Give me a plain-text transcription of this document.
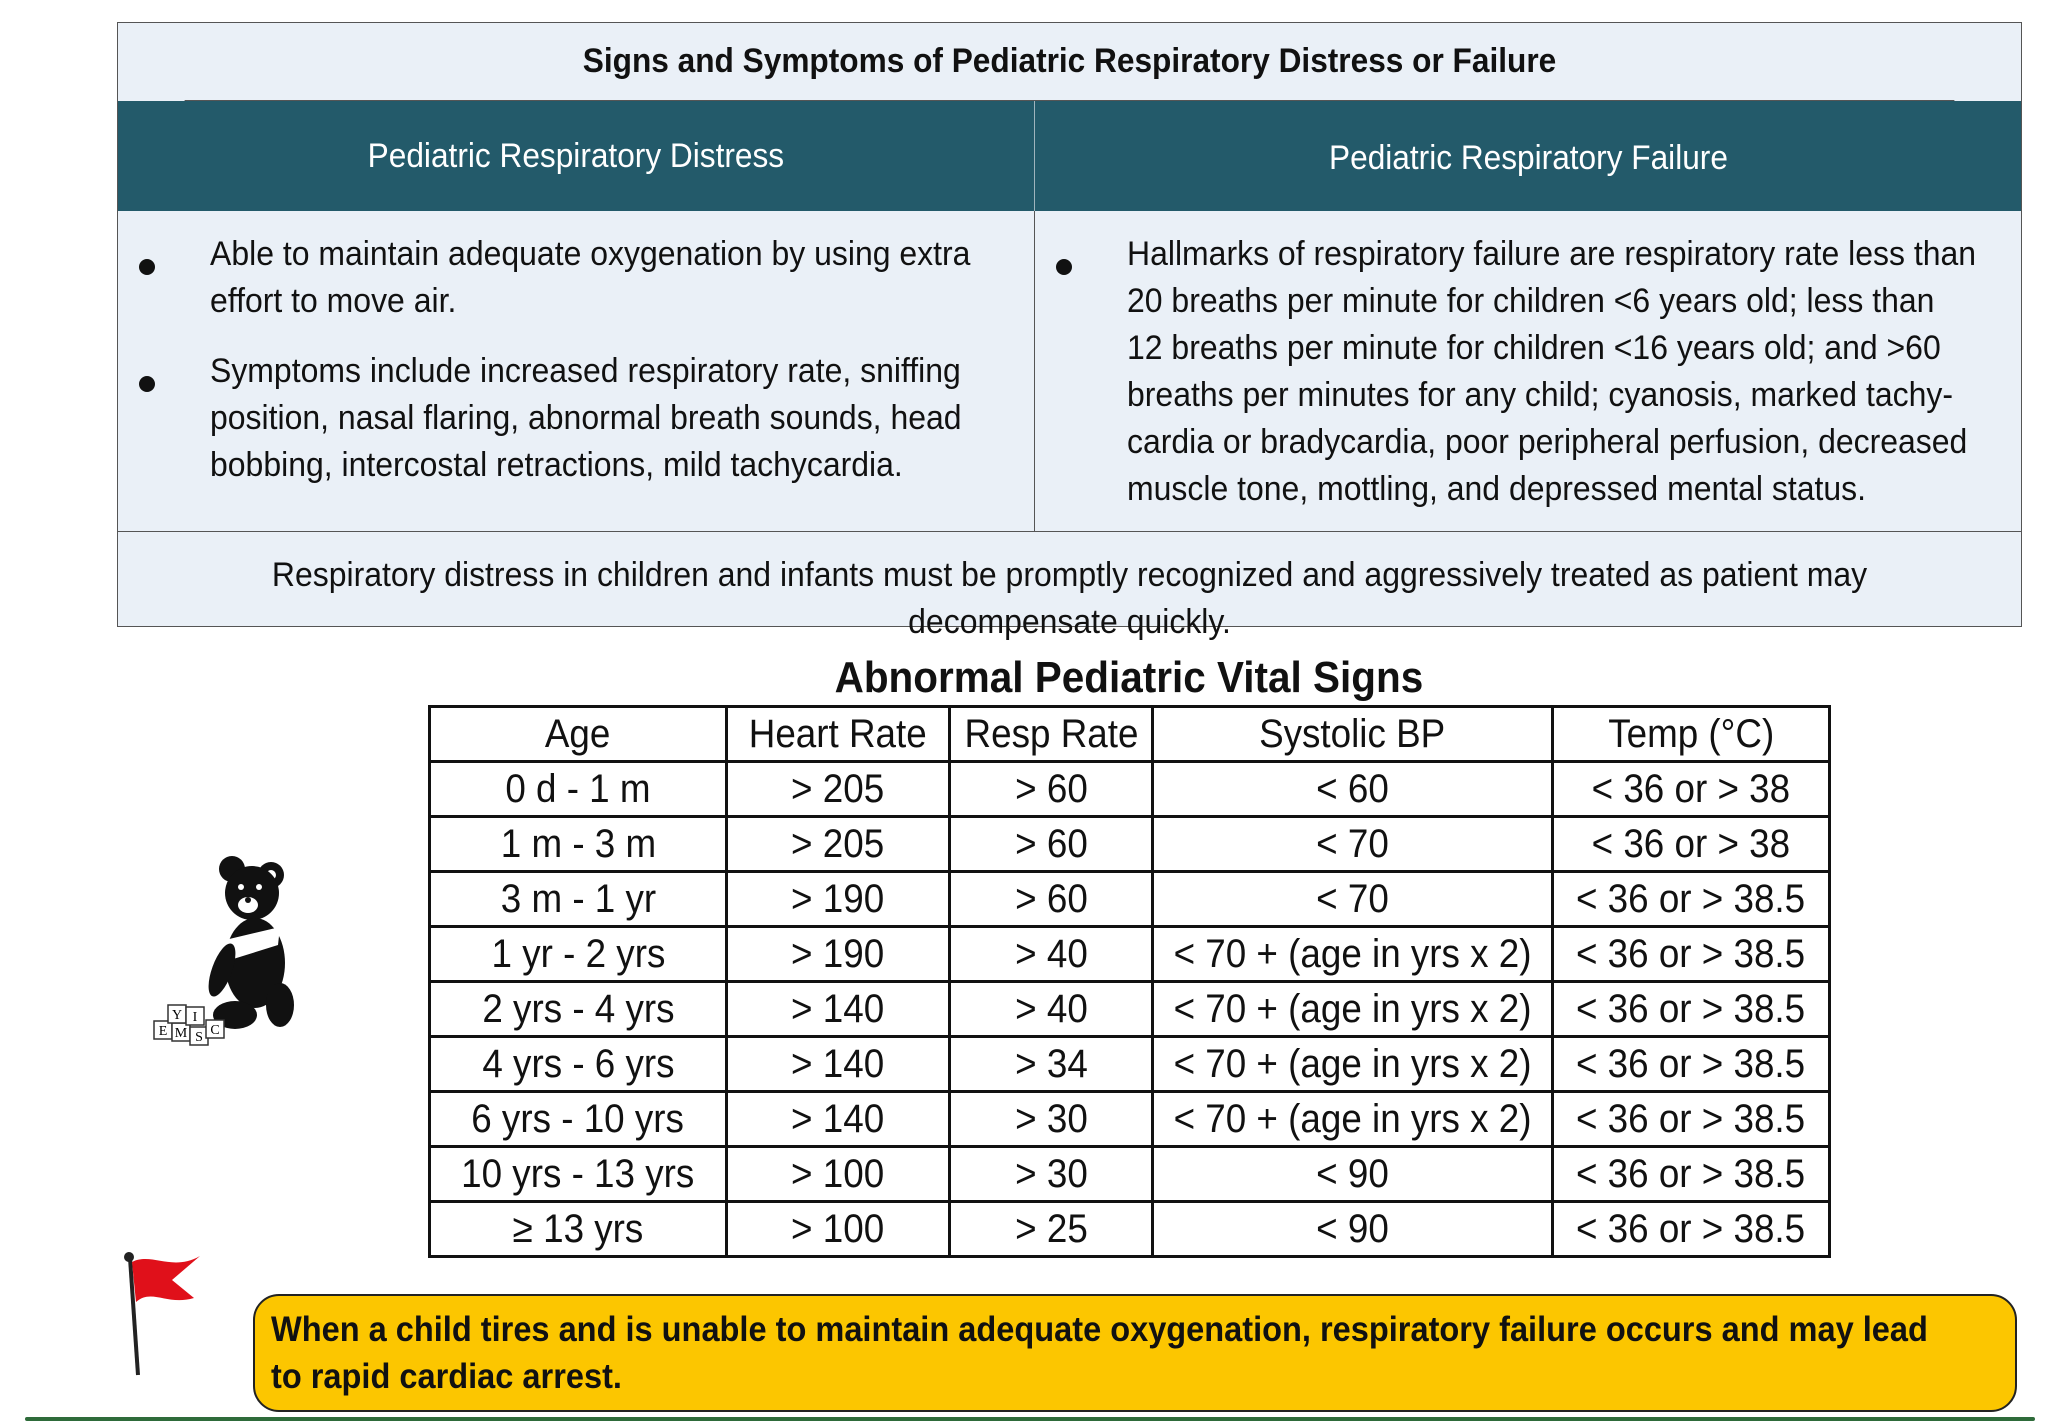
Signs and Symptoms of Pediatric Respiratory Distress or Failure
Pediatric Respiratory Distress	Pediatric Respiratory Failure
Able to maintain adequate oxygenation by using extra
effort to move air.
Symptoms include increased respiratory rate, sniffing
position, nasal flaring, abnormal breath sounds, head
bobbing, intercostal retractions, mild tachycardia.
Hallmarks of respiratory failure are respiratory rate less than
20 breaths per minute for children <6 years old; less than
12 breaths per minute for children <16 years old; and >60
breaths per minutes for any child; cyanosis, marked tachy-
cardia or bradycardia, poor peripheral perfusion, decreased
muscle tone, mottling, and depressed mental status.
Respiratory distress in children and infants must be promptly recognized and aggressively treated as patient may
decompensate quickly.
Abnormal Pediatric Vital Signs
Age	Heart Rate	Resp Rate	Systolic BP	Temp (°C)
0 d - 1 m	> 205	> 60	< 60	< 36 or > 38
1 m - 3 m	> 205	> 60	< 70	< 36 or > 38
3 m - 1 yr	> 190	> 60	< 70	< 36 or > 38.5
1 yr - 2 yrs	> 190	> 40	< 70 + (age in yrs x 2)	< 36 or > 38.5
2 yrs - 4 yrs	> 140	> 40	< 70 + (age in yrs x 2)	< 36 or > 38.5
4 yrs - 6 yrs	> 140	> 34	< 70 + (age in yrs x 2)	< 36 or > 38.5
6 yrs - 10 yrs	> 140	> 30	< 70 + (age in yrs x 2)	< 36 or > 38.5
10 yrs - 13 yrs	> 100	> 30	< 90	< 36 or > 38.5
≥ 13 yrs	> 100	> 25	< 90	< 36 or > 38.5
E M S C
Y I
When a child tires and is unable to maintain adequate oxygenation, respiratory failure occurs and may lead
to rapid cardiac arrest.
